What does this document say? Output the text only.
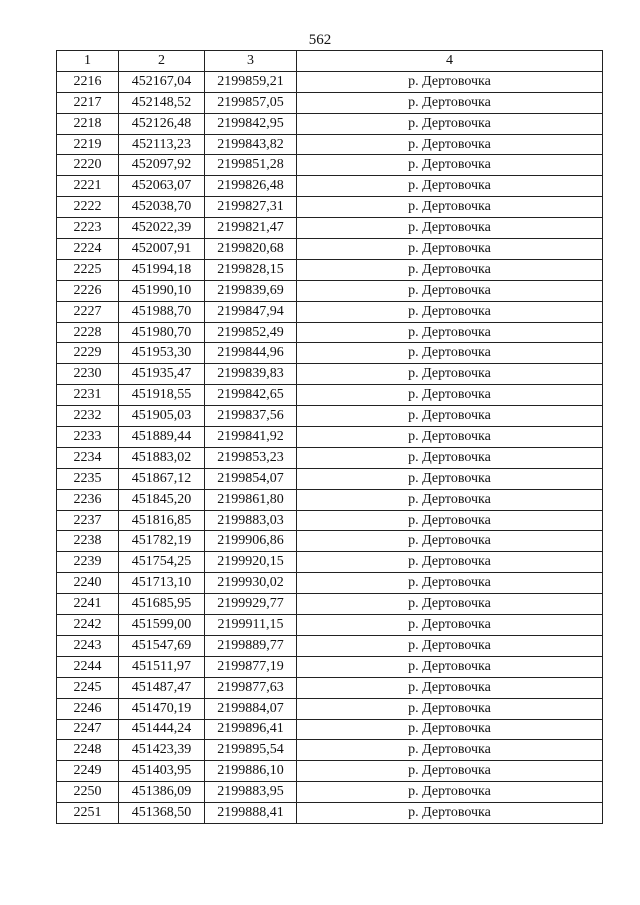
562
1	2	3	4
2216	452167,04	2199859,21	р. Дертовочка
2217	452148,52	2199857,05	р. Дертовочка
2218	452126,48	2199842,95	р. Дертовочка
2219	452113,23	2199843,82	р. Дертовочка
2220	452097,92	2199851,28	р. Дертовочка
2221	452063,07	2199826,48	р. Дертовочка
2222	452038,70	2199827,31	р. Дертовочка
2223	452022,39	2199821,47	р. Дертовочка
2224	452007,91	2199820,68	р. Дертовочка
2225	451994,18	2199828,15	р. Дертовочка
2226	451990,10	2199839,69	р. Дертовочка
2227	451988,70	2199847,94	р. Дертовочка
2228	451980,70	2199852,49	р. Дертовочка
2229	451953,30	2199844,96	р. Дертовочка
2230	451935,47	2199839,83	р. Дертовочка
2231	451918,55	2199842,65	р. Дертовочка
2232	451905,03	2199837,56	р. Дертовочка
2233	451889,44	2199841,92	р. Дертовочка
2234	451883,02	2199853,23	р. Дертовочка
2235	451867,12	2199854,07	р. Дертовочка
2236	451845,20	2199861,80	р. Дертовочка
2237	451816,85	2199883,03	р. Дертовочка
2238	451782,19	2199906,86	р. Дертовочка
2239	451754,25	2199920,15	р. Дертовочка
2240	451713,10	2199930,02	р. Дертовочка
2241	451685,95	2199929,77	р. Дертовочка
2242	451599,00	2199911,15	р. Дертовочка
2243	451547,69	2199889,77	р. Дертовочка
2244	451511,97	2199877,19	р. Дертовочка
2245	451487,47	2199877,63	р. Дертовочка
2246	451470,19	2199884,07	р. Дертовочка
2247	451444,24	2199896,41	р. Дертовочка
2248	451423,39	2199895,54	р. Дертовочка
2249	451403,95	2199886,10	р. Дертовочка
2250	451386,09	2199883,95	р. Дертовочка
2251	451368,50	2199888,41	р. Дертовочка
